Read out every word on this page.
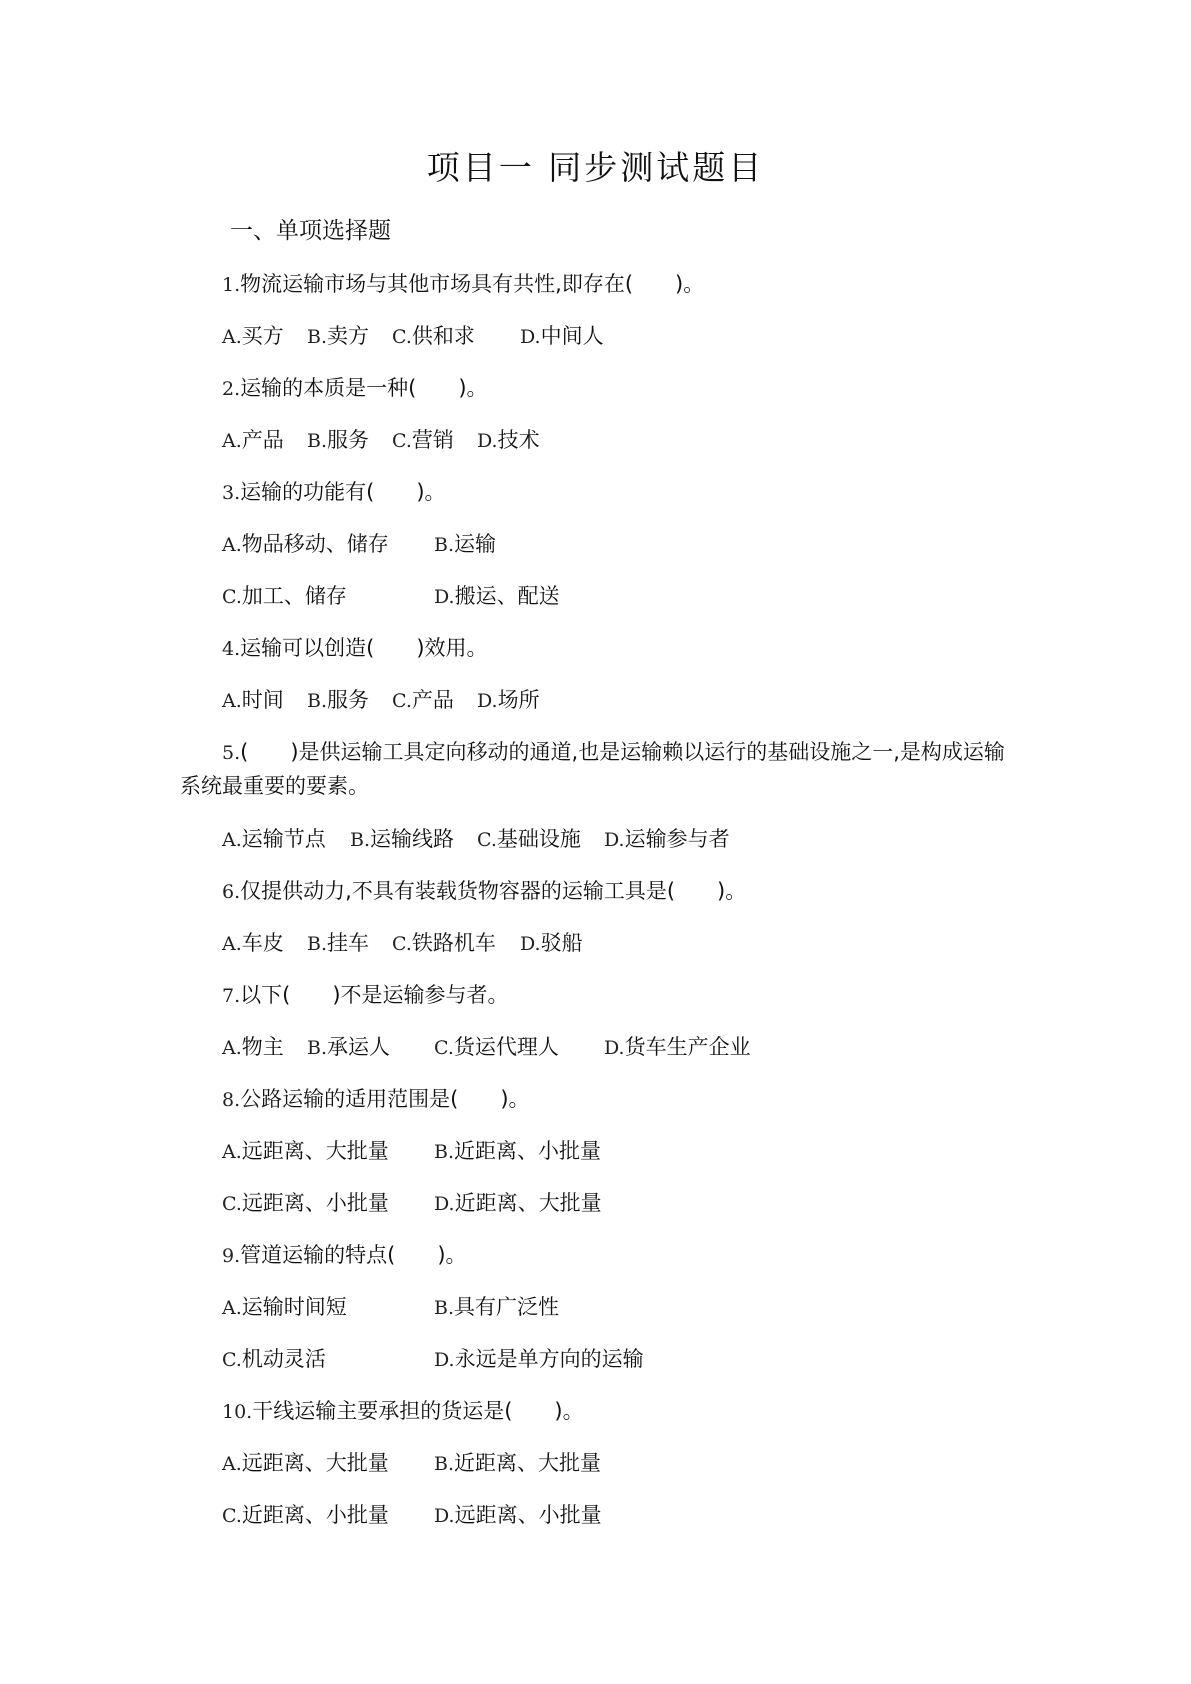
项目一 同步测试题目
一、单项选择题
1.物流运输市场与其他市场具有共性,即存在(　　)。
A.买方 B.卖方 C.供和求 D.中间人
2.运输的本质是一种(　　)。
A.产品 B.服务 C.营销 D.技术
3.运输的功能有(　　)。
A.物品移动、储存 B.运输
C.加工、储存	D.搬运、配送
4.运输可以创造(　　)效用。
A.时间 B.服务 C.产品 D.场所
5.(　　)是供运输工具定向移动的通道,也是运输赖以运行的基础设施之一,是构成运输
系统最重要的要素。
A.运输节点 B.运输线路 C.基础设施 D.运输参与者
6.仅提供动力,不具有装载货物容器的运输工具是(　　)。
A.车皮 B.挂车 C.铁路机车 D.驳船
7.以下(　　)不是运输参与者。
A.物主 B.承运人 C.货运代理人 D.货车生产企业
8.公路运输的适用范围是(　　)。
A.远距离、大批量 B.近距离、小批量
C.远距离、小批量 D.近距离、大批量
9.管道运输的特点(　　)。
A.运输时间短	B.具有广泛性
C.机动灵活	D.永远是单方向的运输
10.干线运输主要承担的货运是(　　)。
A.远距离、大批量 B.近距离、大批量
C.近距离、小批量 D.远距离、小批量
